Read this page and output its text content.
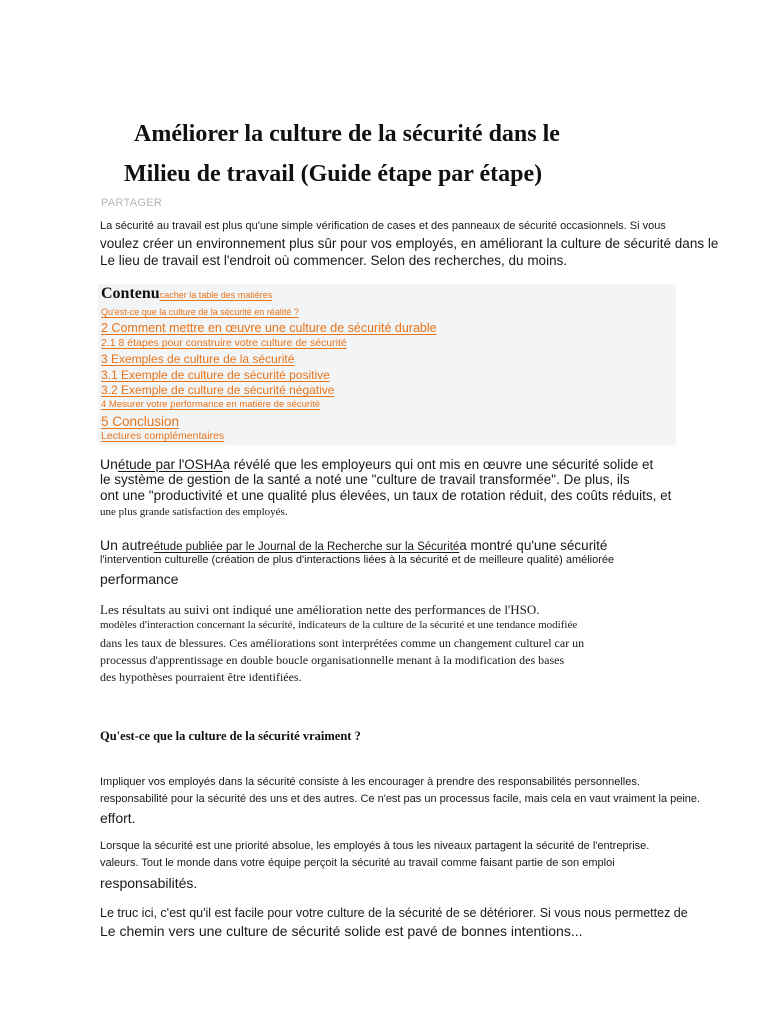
Améliorer la culture de la sécurité dans le
Milieu de travail (Guide étape par étape)
PARTAGER
La sécurité au travail est plus qu'une simple vérification de cases et des panneaux de sécurité occasionnels. Si vous
voulez créer un environnement plus sûr pour vos employés, en améliorant la culture de sécurité dans le
Le lieu de travail est l'endroit où commencer. Selon des recherches, du moins.
Contenucacher la table des matières
Qu'est-ce que la culture de la sécurité en réalité ?
2 Comment mettre en œuvre une culture de sécurité durable
2.1 8 étapes pour construire votre culture de sécurité
3 Exemples de culture de la sécurité
3.1 Exemple de culture de sécurité positive
3.2 Exemple de culture de sécurité négative
4 Mesurer votre performance en matière de sécurité
5 Conclusion
Lectures complémentaires
Unétude par l'OSHAa révélé que les employeurs qui ont mis en œuvre une sécurité solide et
le système de gestion de la santé a noté une "culture de travail transformée". De plus, ils
ont une "productivité et une qualité plus élevées, un taux de rotation réduit, des coûts réduits, et
une plus grande satisfaction des employés.
Un autreétude publiée par le Journal de la Recherche sur la Sécuritéa montré qu'une sécurité
l'intervention culturelle (création de plus d'interactions liées à la sécurité et de meilleure qualité) améliorée
performance
Les résultats au suivi ont indiqué une amélioration nette des performances de l'HSO.
modèles d'interaction concernant la sécurité, indicateurs de la culture de la sécurité et une tendance modifiée
dans les taux de blessures. Ces améliorations sont interprétées comme un changement culturel car un
processus d'apprentissage en double boucle organisationnelle menant à la modification des bases
des hypothèses pourraient être identifiées.
Qu'est-ce que la culture de la sécurité vraiment ?
Impliquer vos employés dans la sécurité consiste à les encourager à prendre des responsabilités personnelles.
responsabilité pour la sécurité des uns et des autres. Ce n'est pas un processus facile, mais cela en vaut vraiment la peine.
effort.
Lorsque la sécurité est une priorité absolue, les employés à tous les niveaux partagent la sécurité de l'entreprise.
valeurs. Tout le monde dans votre équipe perçoit la sécurité au travail comme faisant partie de son emploi
responsabilités.
Le truc ici, c'est qu'il est facile pour votre culture de la sécurité de se détériorer. Si vous nous permettez de
Le chemin vers une culture de sécurité solide est pavé de bonnes intentions...
